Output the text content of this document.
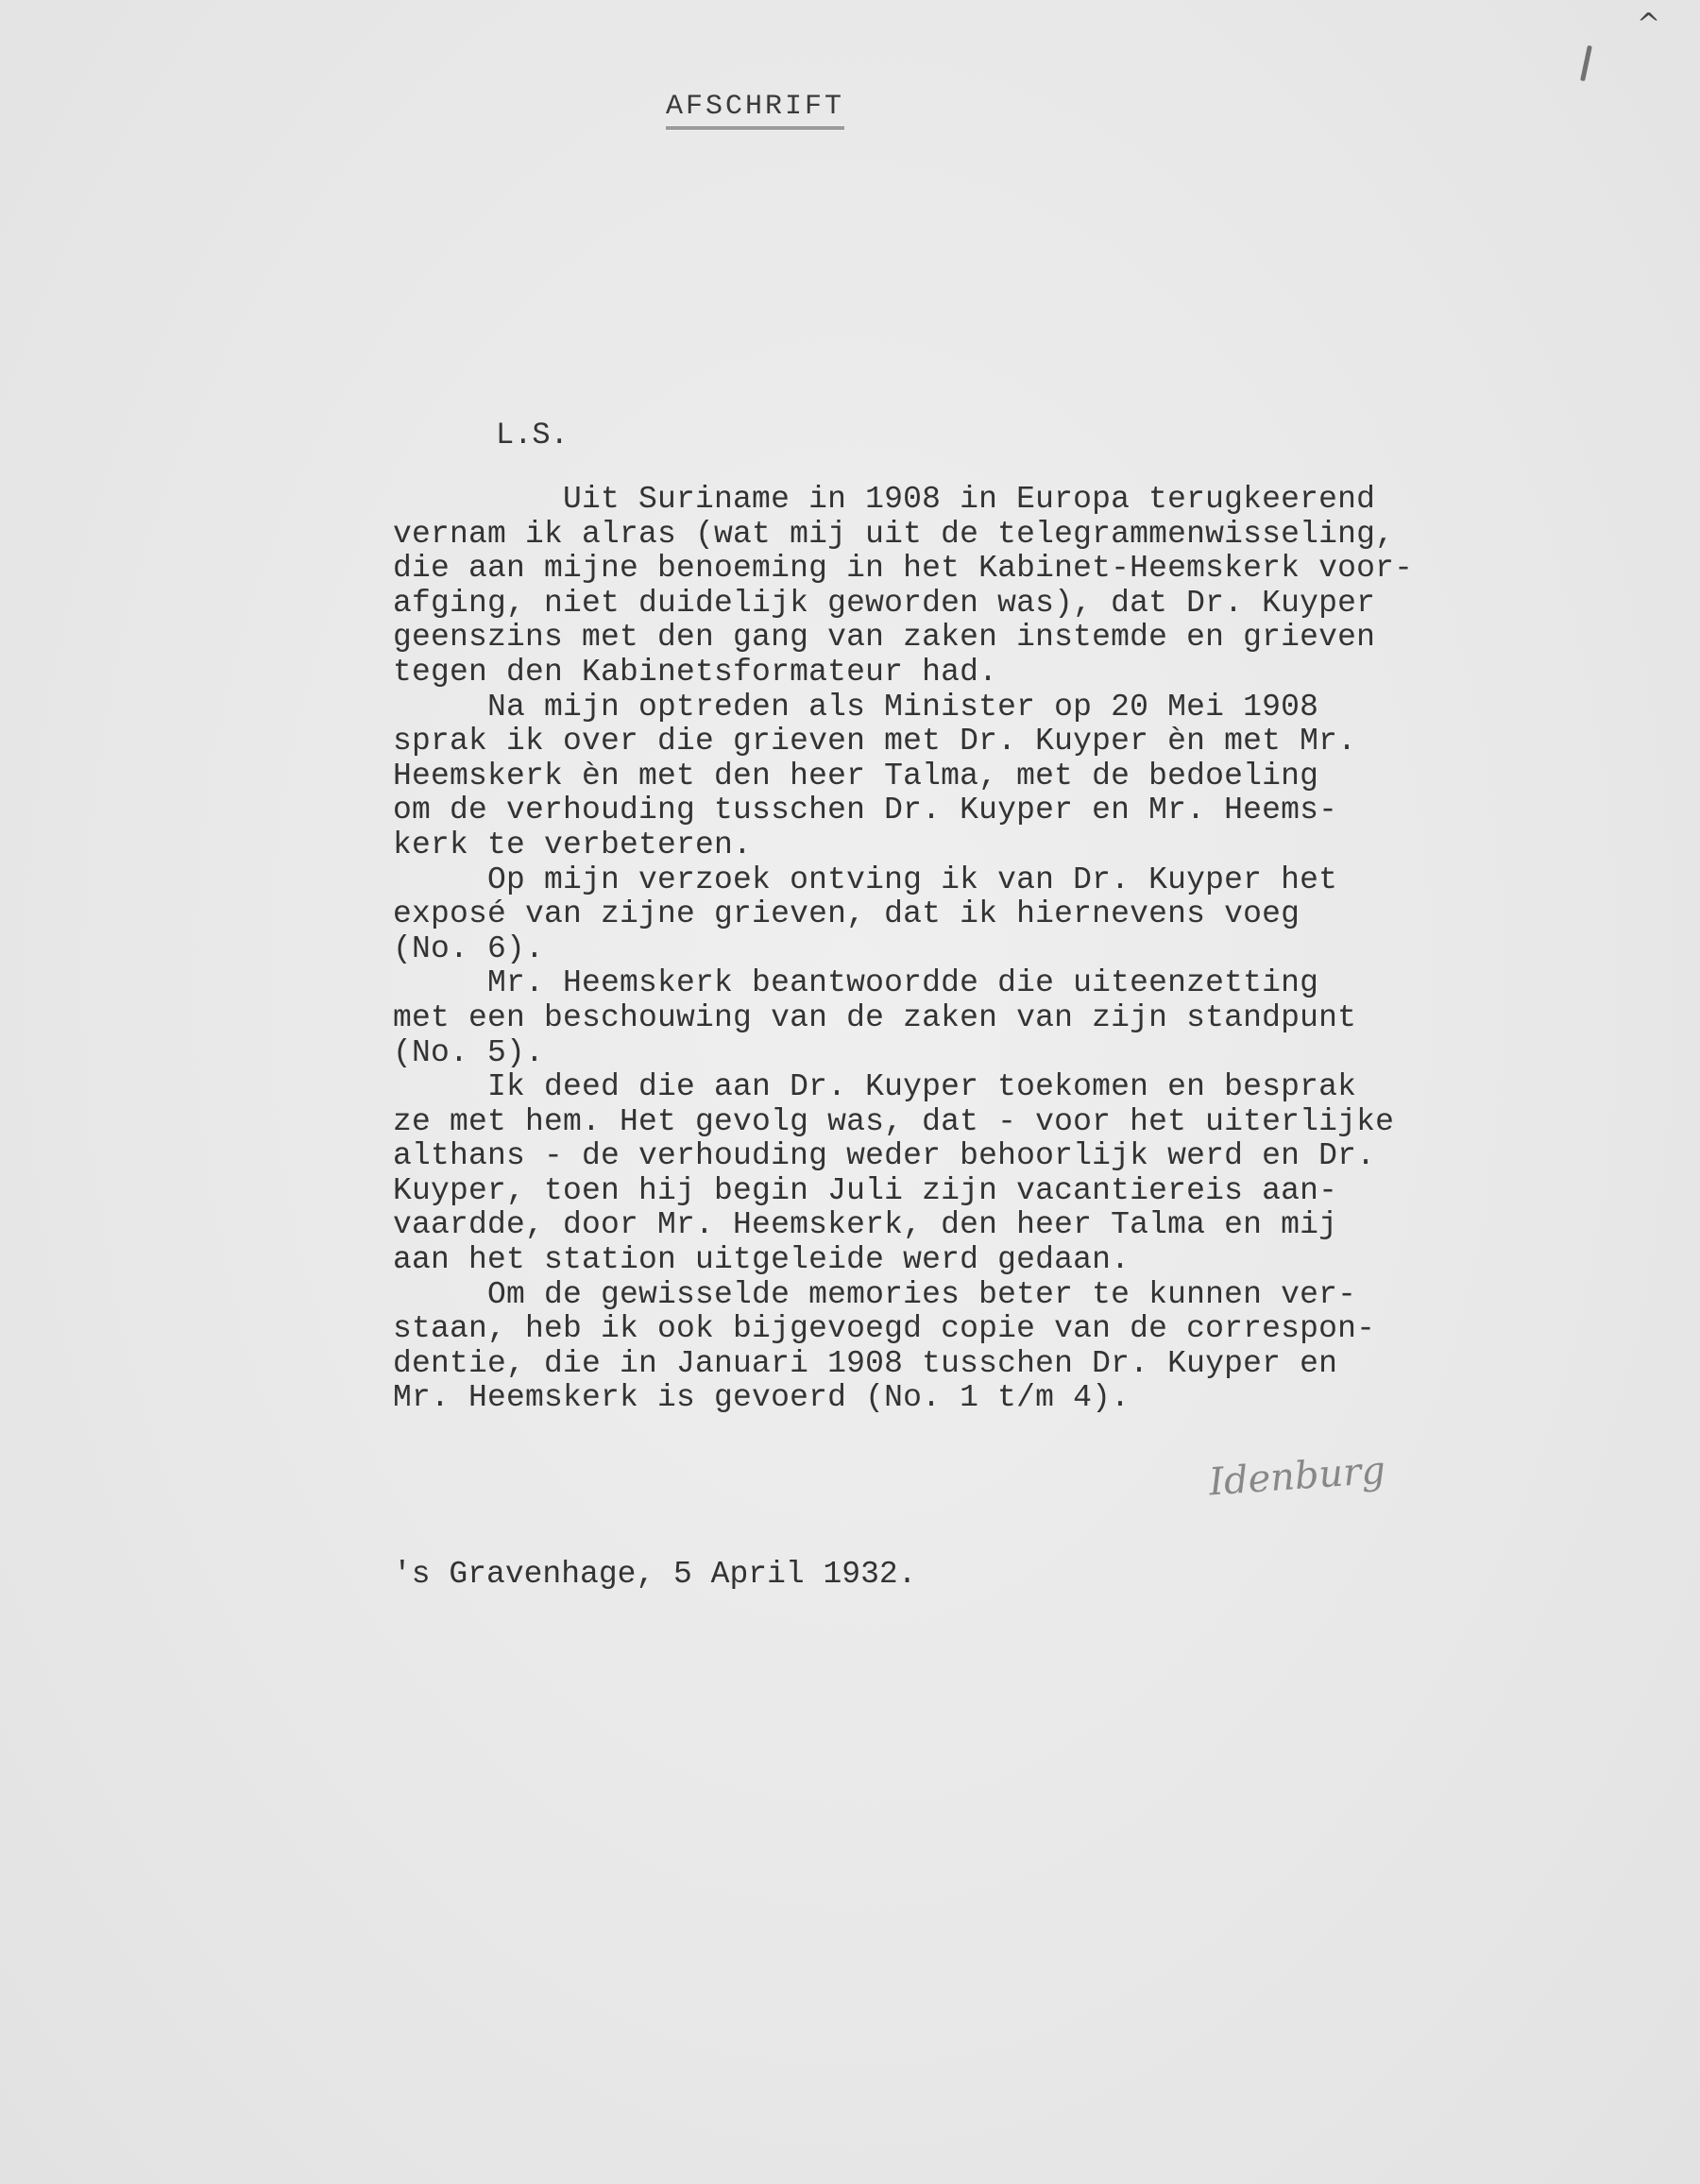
^
AFSCHRIFT
L.S.
Uit Suriname in 1908 in Europa terugkeerend
vernam ik alras (wat mij uit de telegrammenwisseling,
die aan mijne benoeming in het Kabinet-Heemskerk voor-
afging, niet duidelijk geworden was), dat Dr. Kuyper
geenszins met den gang van zaken instemde en grieven
tegen den Kabinetsformateur had.
Na mijn optreden als Minister op 20 Mei 1908
sprak ik over die grieven met Dr. Kuyper èn met Mr.
Heemskerk èn met den heer Talma, met de bedoeling
om de verhouding tusschen Dr. Kuyper en Mr. Heems-
kerk te verbeteren.
Op mijn verzoek ontving ik van Dr. Kuyper het
exposé van zijne grieven, dat ik hiernevens voeg
(No. 6).
Mr. Heemskerk beantwoordde die uiteenzetting
met een beschouwing van de zaken van zijn standpunt
(No. 5).
Ik deed die aan Dr. Kuyper toekomen en besprak
ze met hem. Het gevolg was, dat - voor het uiterlijke
althans - de verhouding weder behoorlijk werd en Dr.
Kuyper, toen hij begin Juli zijn vacantiereis aan-
vaardde, door Mr. Heemskerk, den heer Talma en mij
aan het station uitgeleide werd gedaan.
Om de gewisselde memories beter te kunnen ver-
staan, heb ik ook bijgevoegd copie van de correspon-
dentie, die in Januari 1908 tusschen Dr. Kuyper en
Mr. Heemskerk is gevoerd (No. 1 t/m 4).
Idenburg
's Gravenhage, 5 April 1932.
